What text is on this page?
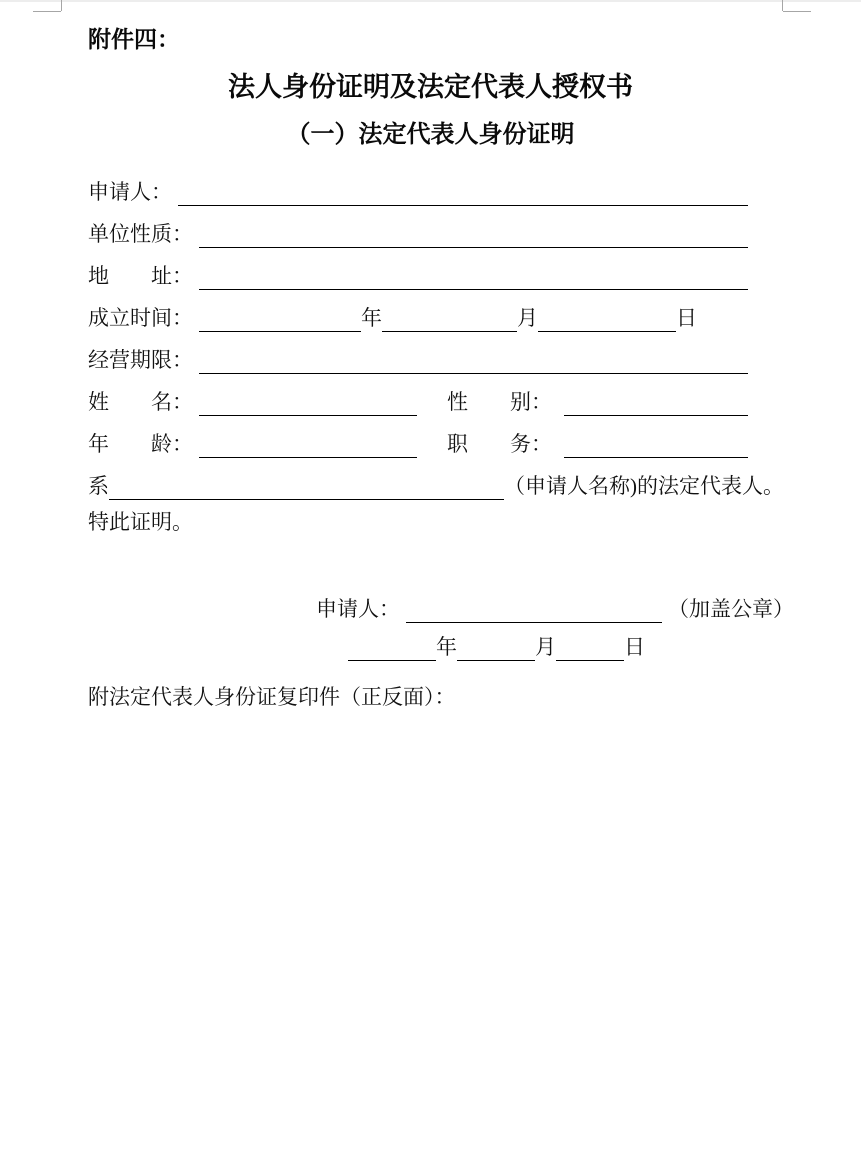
附件四：
法人身份证明及法定代表人授权书
（一）法定代表人身份证明
申请人 ：
单位性质 ：
地址 ：
成立时间 ：	年	月	日
经营期限 ：
姓名 ：	性别 ：
年龄 ：	职务 ：
系	（申请人名称)的法定代表人。
特此证明。
申请人 ：	（加盖公章）
年	月	日
附法定代表人身份证复印件（正反面）：
